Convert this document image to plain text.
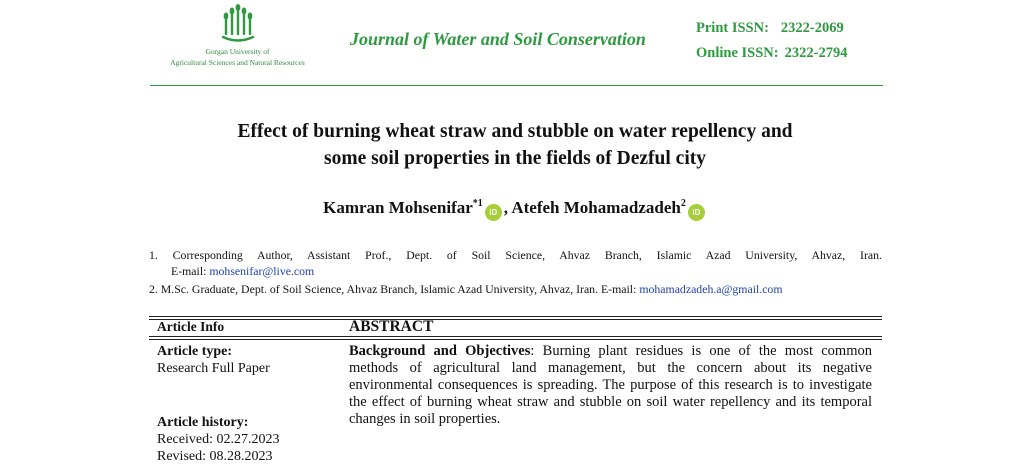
Gorgan University of
Agricultural Sciences and Natural Resources
Journal of Water and Soil Conservation
Print ISSN: 2322-2069
Online ISSN: 2322-2794
Effect of burning wheat straw and stubble on water repellency and
some soil properties in the fields of Dezful city
Kamran Mohsenifar$^{*1}$iD , Atefeh Mohamadzadeh$^2$iD
1. Corresponding Author, Assistant Prof., Dept. of Soil Science, Ahvaz Branch, Islamic Azad University, Ahvaz, Iran.
E-mail: mohsenifar@live.com
2. M.Sc. Graduate, Dept. of Soil Science, Ahvaz Branch, Islamic Azad University, Ahvaz, Iran. E-mail: mohamadzadeh.a@gmail.com
Article Info	ABSTRACT
Article type:
Research Full Paper
Article history:
Received: 02.27.2023
Revised: 08.28.2023
Background and Objectives: Burning plant residues is one of the most common methods of agricultural land management, but the concern about its negative environmental consequences is spreading. The purpose of this research is to investigate the effect of burning wheat straw and stubble on soil water repellency and its temporal changes in soil properties.
